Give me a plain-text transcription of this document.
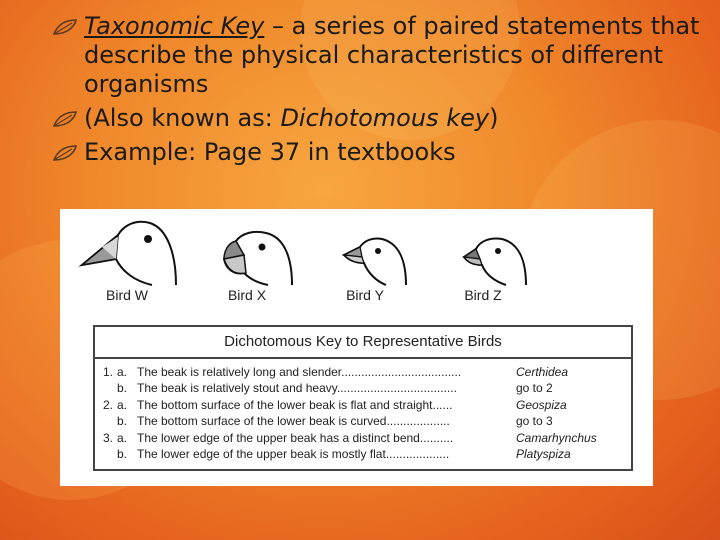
Taxonomic Key – a series of paired statements that describe the physical characteristics of different organisms
(Also known as: Dichotomous key)
Example: Page 37 in textbooks
Bird W	Bird X	Bird Y	Bird Z
Dichotomous Key to Representative Birds
1. a. The beak is relatively long and slender....................................	Certhidea
b. The beak is relatively stout and heavy....................................	go to 2
2. a. The bottom surface of the lower beak is flat and straight......	Geospiza
b. The bottom surface of the lower beak is curved...................	go to 3
3. a. The lower edge of the upper beak has a distinct bend..........	Camarhynchus
b. The lower edge of the upper beak is mostly flat...................	Platyspiza
